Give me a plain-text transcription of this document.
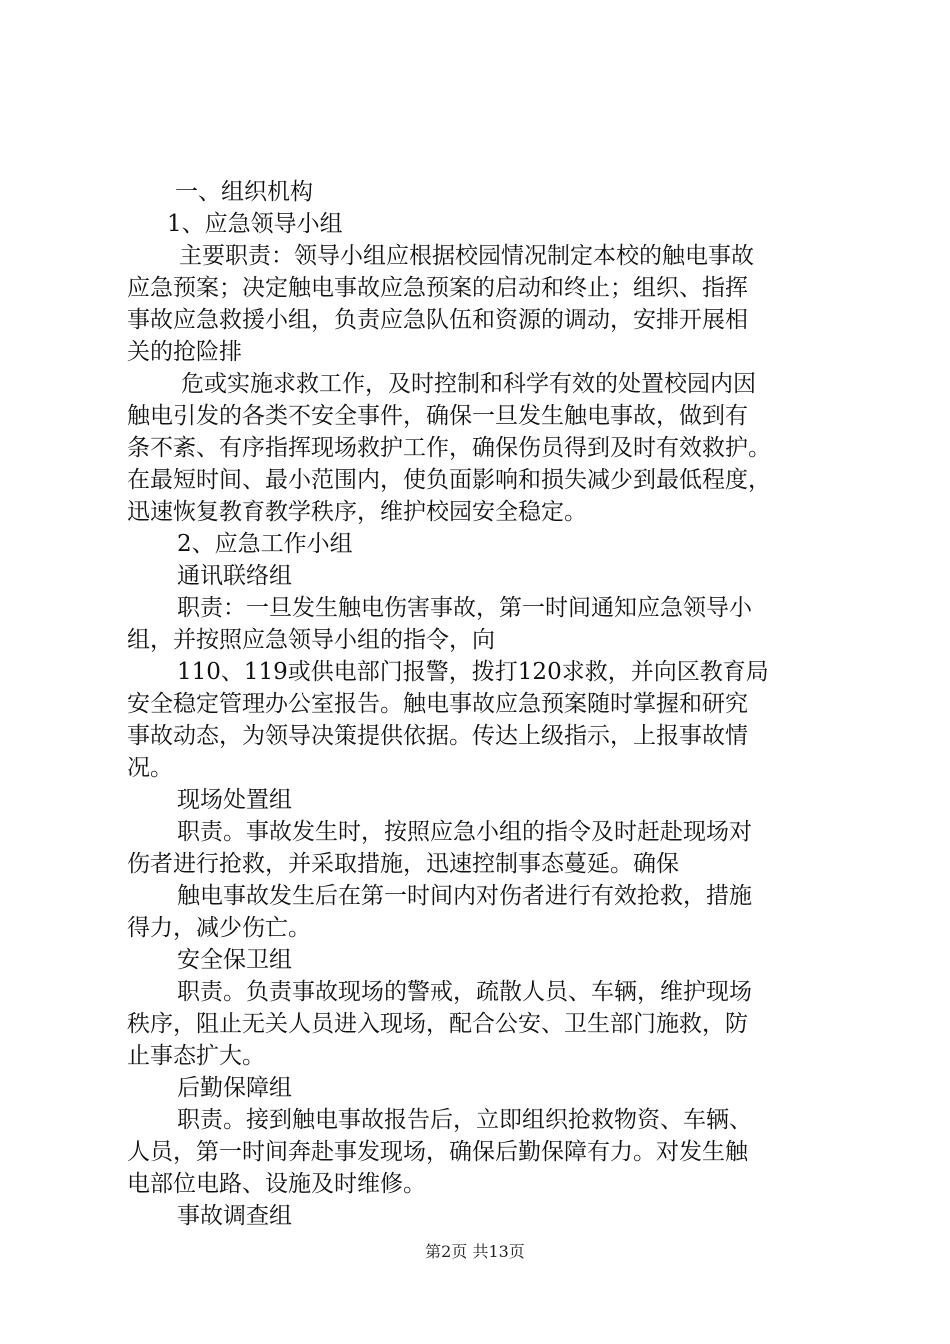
一、组织机构
1、应急领导小组
主要职责：领导小组应根据校园情况制定本校的触电事故
应急预案；决定触电事故应急预案的启动和终止；组织、指挥
事故应急救援小组，负责应急队伍和资源的调动，安排开展相
关的抢险排
危或实施求救工作，及时控制和科学有效的处置校园内因
触电引发的各类不安全事件，确保一旦发生触电事故，做到有
条不紊、有序指挥现场救护工作，确保伤员得到及时有效救护。
在最短时间、最小范围内，使负面影响和损失减少到最低程度，
迅速恢复教育教学秩序，维护校园安全稳定。
2、应急工作小组
通讯联络组
职责：一旦发生触电伤害事故，第一时间通知应急领导小
组，并按照应急领导小组的指令，向
110、119或供电部门报警，拨打120求救，并向区教育局
安全稳定管理办公室报告。触电事故应急预案随时掌握和研究
事故动态，为领导决策提供依据。传达上级指示，上报事故情
况。
现场处置组
职责。事故发生时，按照应急小组的指令及时赶赴现场对
伤者进行抢救，并采取措施，迅速控制事态蔓延。确保
触电事故发生后在第一时间内对伤者进行有效抢救，措施
得力，减少伤亡。
安全保卫组
职责。负责事故现场的警戒，疏散人员、车辆，维护现场
秩序，阻止无关人员进入现场，配合公安、卫生部门施救，防
止事态扩大。
后勤保障组
职责。接到触电事故报告后，立即组织抢救物资、车辆、
人员，第一时间奔赴事发现场，确保后勤保障有力。对发生触
电部位电路、设施及时维修。
事故调查组
第2页 共13页
